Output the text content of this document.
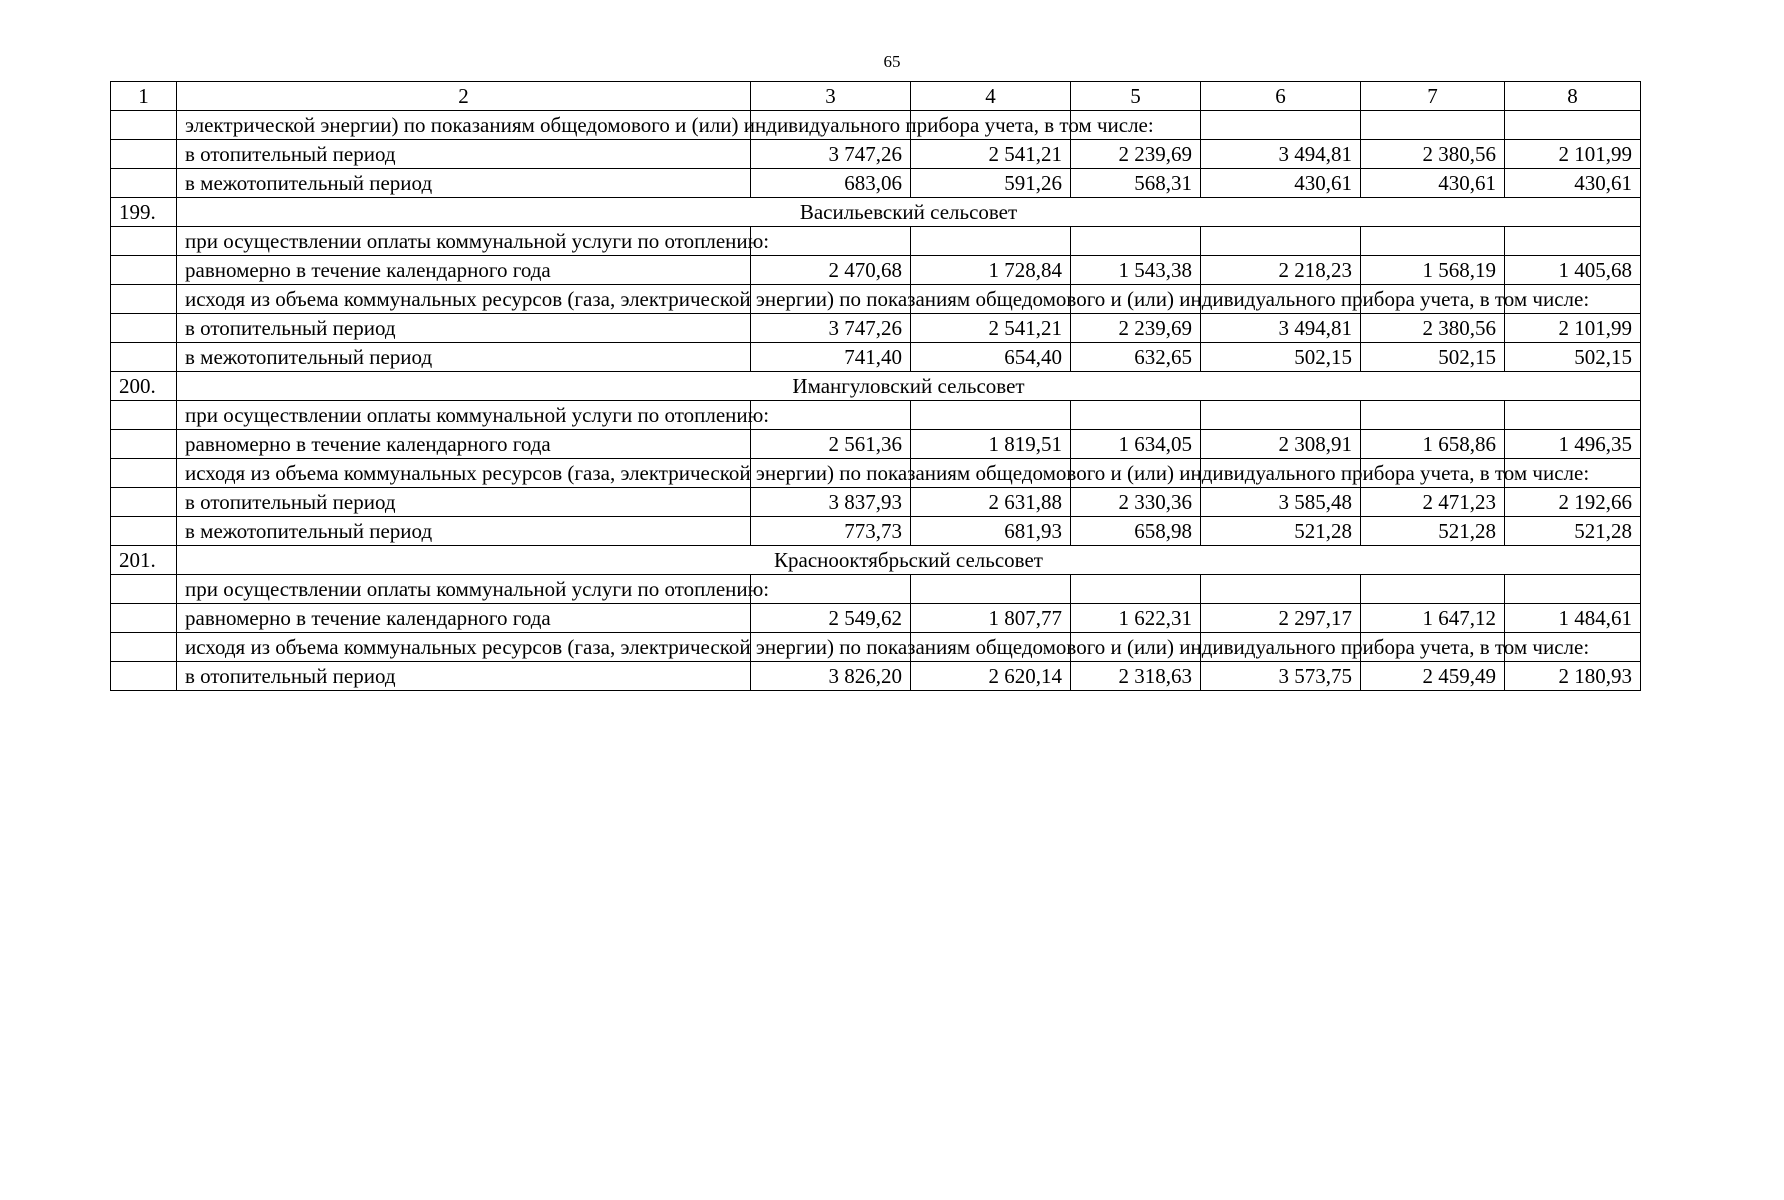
65
1	2	3	4	5	6	7	8
	электрической энергии) по показаниям общедомового и (или) индивидуального прибора учета, в том числе:						
	в отопительный период	3 747,26	2 541,21	2 239,69	3 494,81	2 380,56	2 101,99
	в межотопительный период	683,06	591,26	568,31	430,61	430,61	430,61
199.	Васильевский сельсовет						
	при осуществлении оплаты коммунальной услуги по отоплению:						
	равномерно в течение календарного года	2 470,68	1 728,84	1 543,38	2 218,23	1 568,19	1 405,68
	исходя из объема коммунальных ресурсов (газа, электрической энергии) по показаниям общедомового и (или) индивидуального прибора учета, в том числе:						
	в отопительный период	3 747,26	2 541,21	2 239,69	3 494,81	2 380,56	2 101,99
	в межотопительный период	741,40	654,40	632,65	502,15	502,15	502,15
200.	Имангуловский сельсовет						
	при осуществлении оплаты коммунальной услуги по отоплению:						
	равномерно в течение календарного года	2 561,36	1 819,51	1 634,05	2 308,91	1 658,86	1 496,35
	исходя из объема коммунальных ресурсов (газа, электрической энергии) по показаниям общедомового и (или) индивидуального прибора учета, в том числе:						
	в отопительный период	3 837,93	2 631,88	2 330,36	3 585,48	2 471,23	2 192,66
	в межотопительный период	773,73	681,93	658,98	521,28	521,28	521,28
201.	Краснооктябрьский сельсовет						
	при осуществлении оплаты коммунальной услуги по отоплению:						
	равномерно в течение календарного года	2 549,62	1 807,77	1 622,31	2 297,17	1 647,12	1 484,61
	исходя из объема коммунальных ресурсов (газа, электрической энергии) по показаниям общедомового и (или) индивидуального прибора учета, в том числе:						
	в отопительный период	3 826,20	2 620,14	2 318,63	3 573,75	2 459,49	2 180,93
